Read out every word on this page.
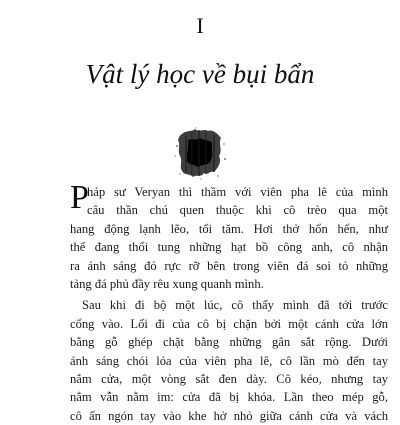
I
Vật lý học về bụi bẩn
P
háp sư Veryan thì thầm với viên pha lê của mình
câu thần chú quen thuộc khi cô trèo qua một
hang động lạnh lẽo, tối tăm. Hơi thở hổn hển, như
thể đang thổi tung những hạt bồ công anh, cô nhận
ra ánh sáng đỏ rực rỡ bên trong viên đá soi tỏ những
tảng đá phủ đầy rêu xung quanh mình.
Sau khi đi bộ một lúc, cô thấy mình đã tới trước
cổng vào. Lối đi của cô bị chặn bởi một cánh cửa lớn
bằng gỗ ghép chặt bằng những gân sắt rộng. Dưới
ánh sáng chói lóa của viên pha lê, cô lần mò đến tay
nắm cửa, một vòng sắt đen dày. Cô kéo, nhưng tay
nắm vẫn nằm im: cửa đã bị khóa. Lần theo mép gỗ,
cô ấn ngón tay vào khe hở nhỏ giữa cánh cửa và vách
